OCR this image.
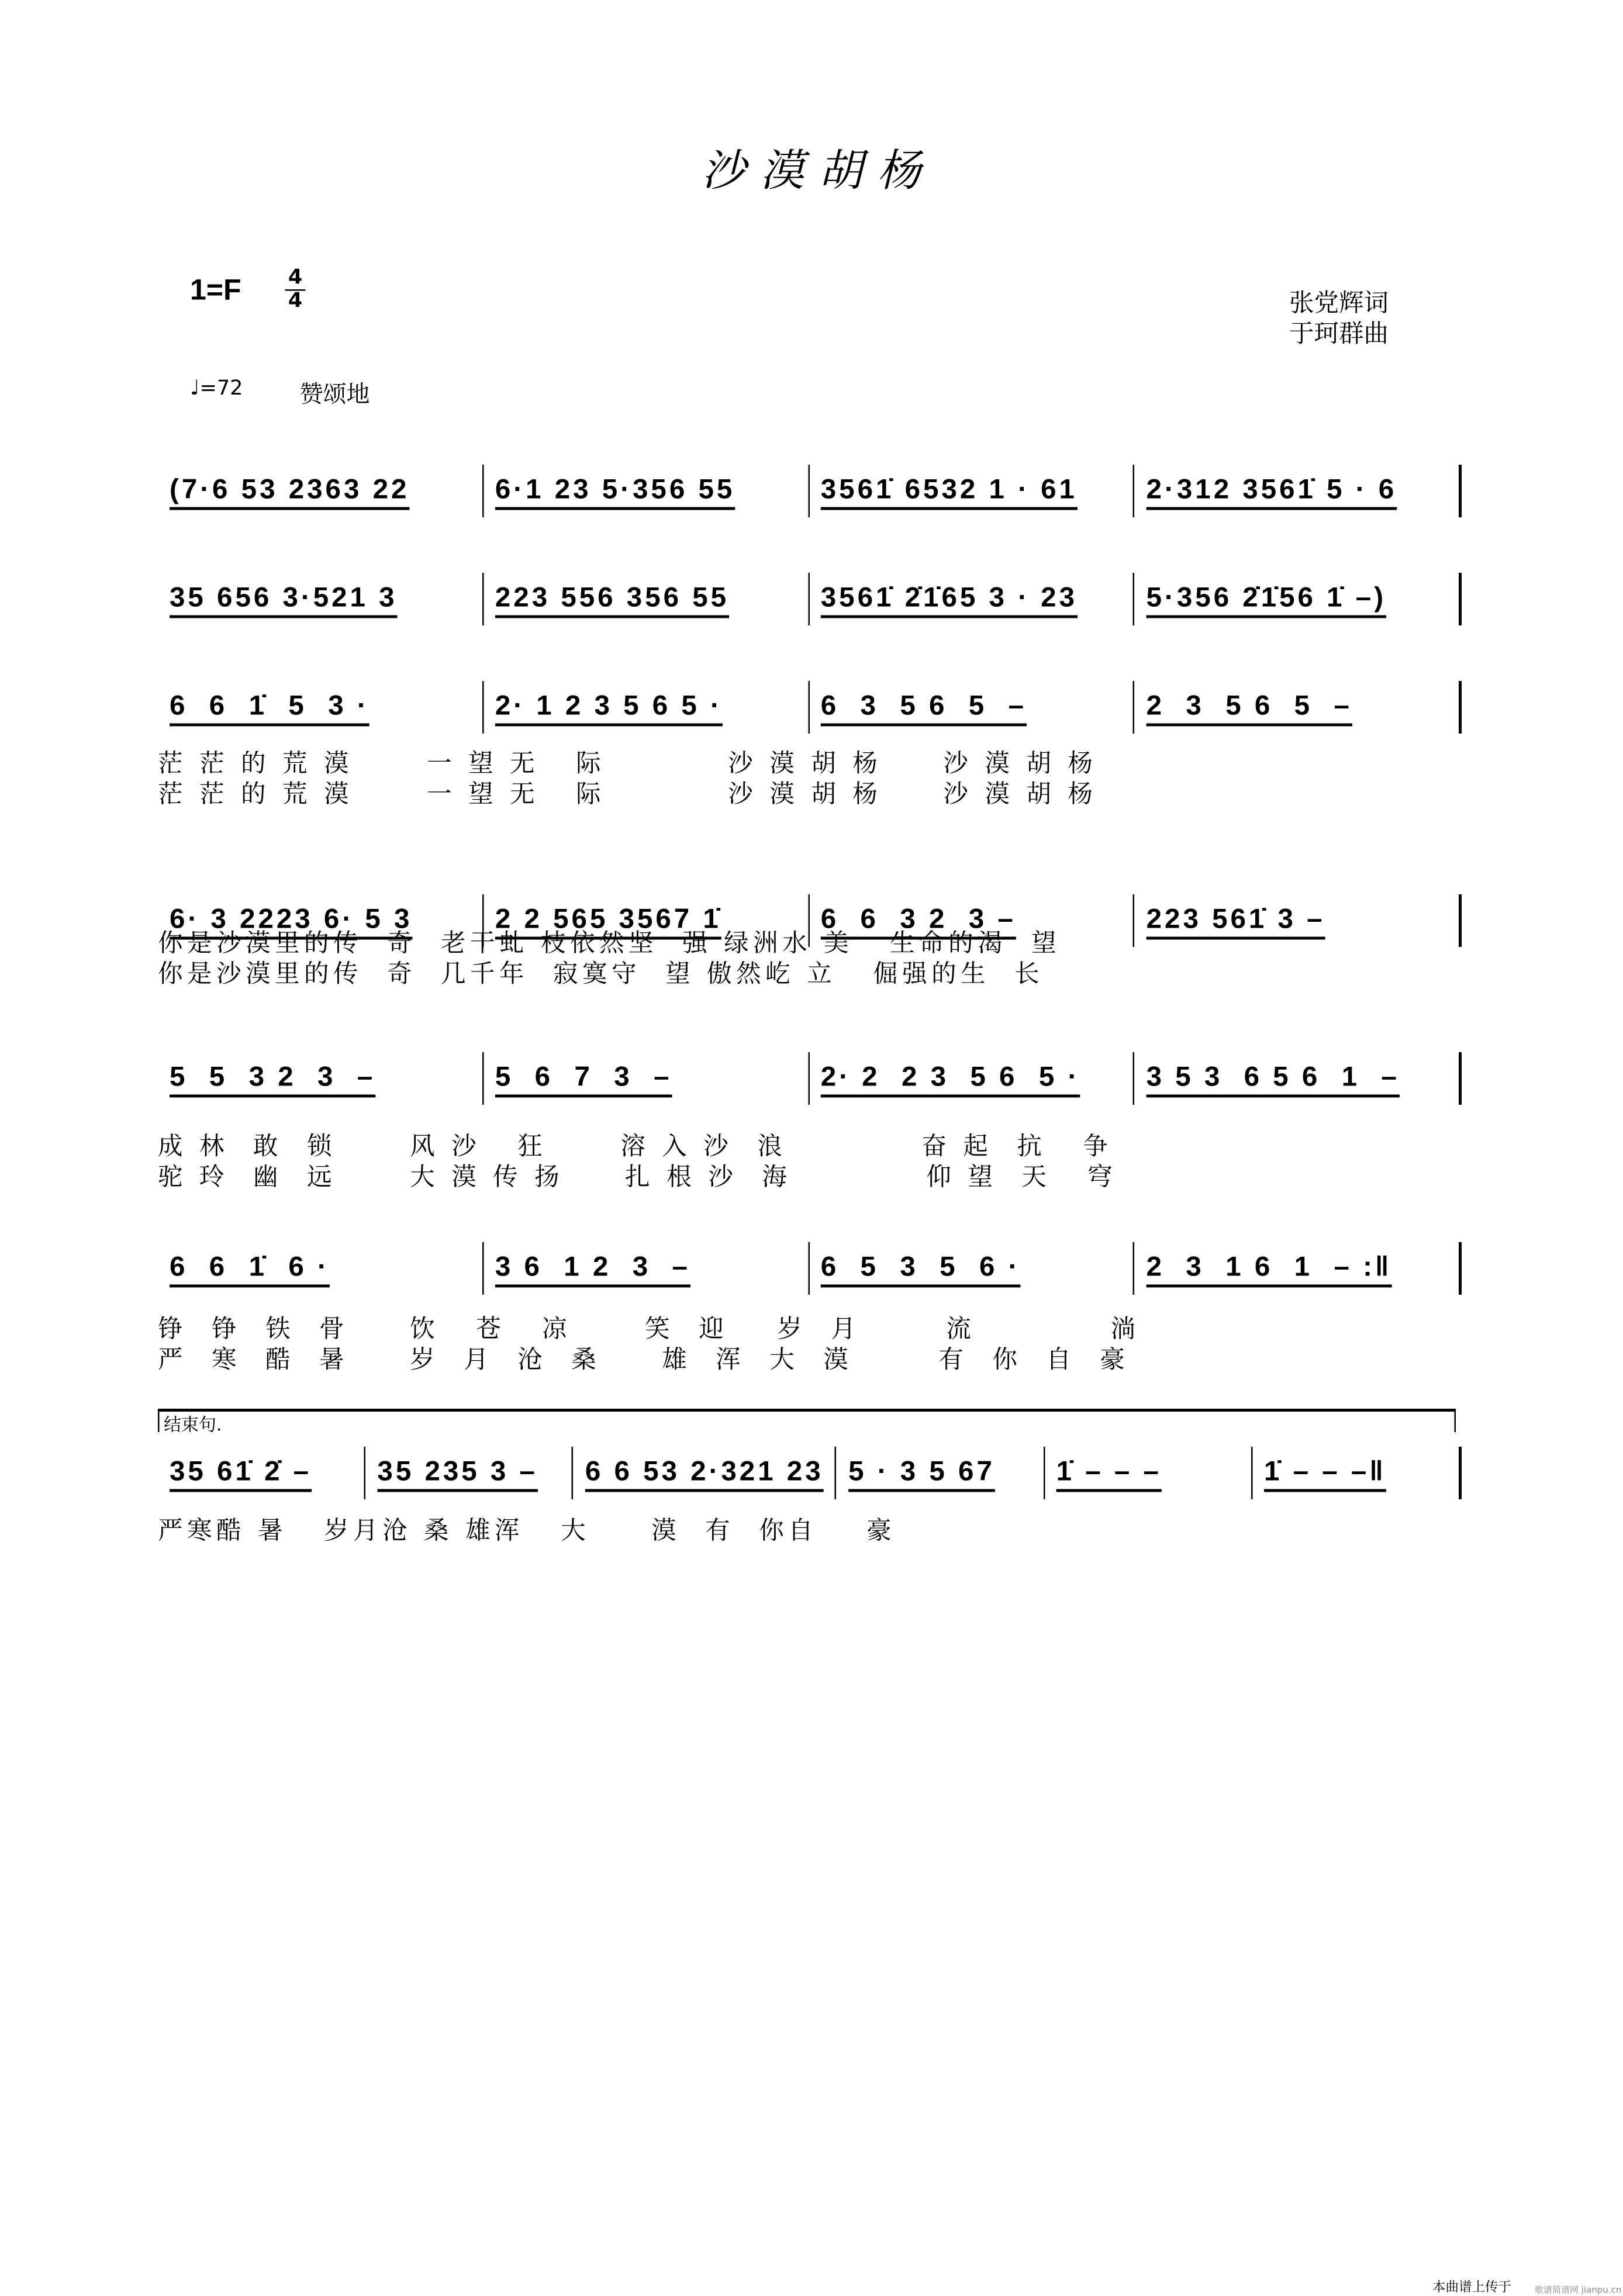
沙漠胡杨
1=F	4
4	张党辉词
于珂群曲
♩=72	赞颂地
结束句.
(7·6 53 2363 22	6·1 23 5·356 55	3561̇ 6532 1 · 61	2·312 3561̇ 5 · 6
35 656 3·521 3	223 556 356 55	3561̇ 2̇1̇65 3 · 23	5·356 2̇1̇56 1̇ –)
6  6  1̇  5  3 ·	2· 1 2 3 5 6 5 ·	6  3  5 6  5  –	2  3  5 6  5  –
茫 茫 的 荒 漠      一 望 无   际          沙 漠 胡 杨     沙 漠 胡 杨
茫 茫 的 荒 漠      一 望 无   际          沙 漠 胡 杨     沙 漠 胡 杨
6· 3 2223 6· 5 3	2 2 565 3567 1̇	6  6  3 2  3 –	223 561̇ 3 –
你是沙漠里的传  奇  老干虬 枝依然坚  强 绿洲水 美   生命的渴  望
你是沙漠里的传  奇  几千年  寂寞守  望 傲然屹 立   倔强的生  长
5  5  3 2  3  –	5  6  7  3  –	2· 2  2 3  5 6  5 ·	3 5 3  6 5 6  1  –
成 林  敢  锁      风 沙   狂      溶 入 沙  浪           奋 起  抗   争
驼 玲  幽  远      大 漠 传 扬     扎 根 沙  海           仰 望  天   穹
6  6  1̇  6 ·	3 6  1 2  3  –	6  5  3  5  6 ·	2  3  1 6  1  – :‖
铮  铮  铁  骨     饮   苍   凉      笑  迎    岁  月       流           淌
严  寒  酷  暑     岁  月  沧  桑     雄  浑  大  漠       有  你  自  豪
35 61̇ 2̇ –	35 235 3 –	6 6 53 2·321 23	5 · 3 5 67	1̇ – – –	1̇ – – –‖
严寒酷 暑   岁月沧 桑 雄浑   大     漠  有  你自    豪
本曲谱上传于	歌谱简谱网 jianpu.cn
